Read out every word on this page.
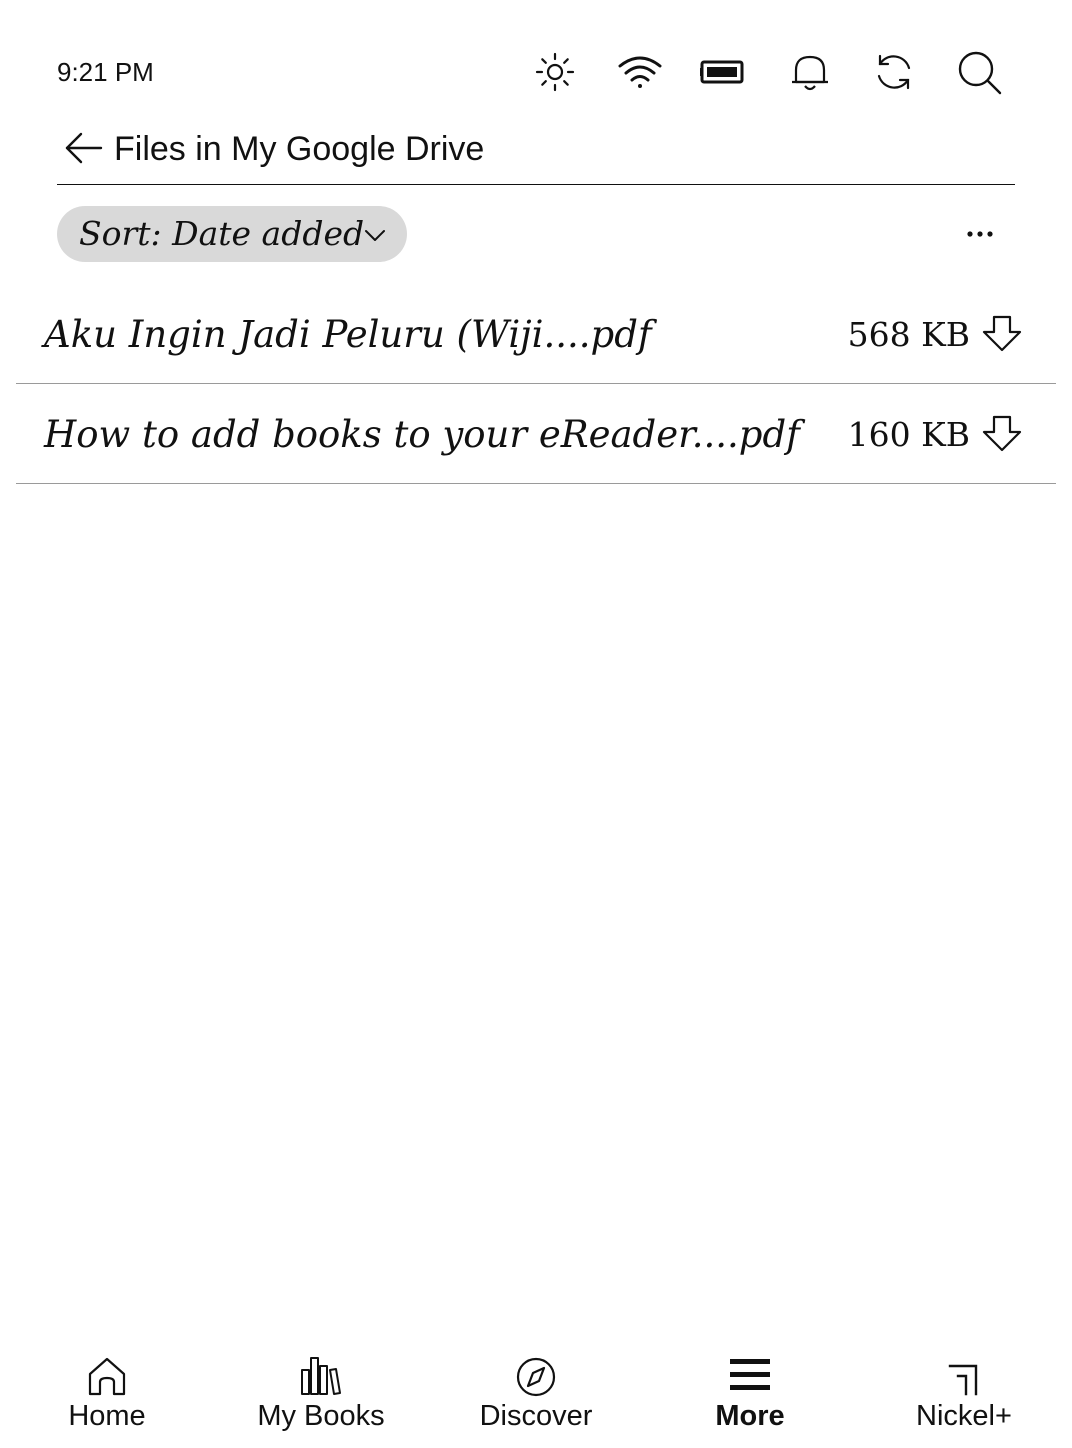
9:21 PM
Files in My Google Drive
Sort: Date added
Aku Ingin Jadi Peluru (Wiji....pdf	568 KB
How to add books to your eReader....pdf 160 KB
Home	My Books	Discover	More	Nickel+
